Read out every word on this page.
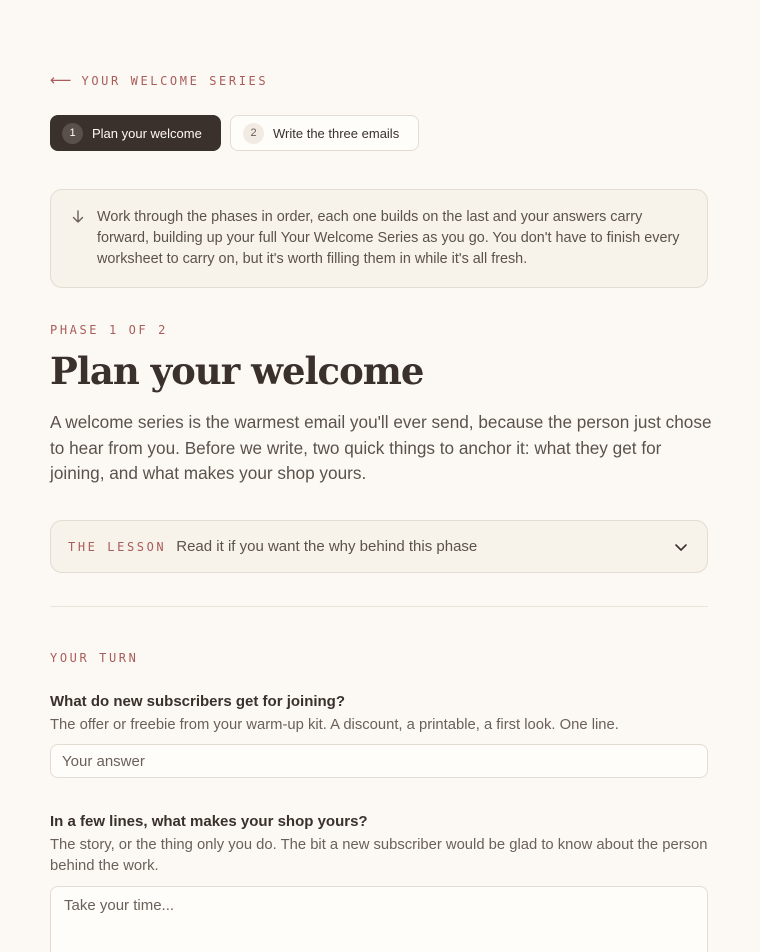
⟵ YOUR WELCOME SERIES
1	Plan your welcome	2	Write the three emails

Work through the phases in order, each one builds on the last and your answers carry forward, building up your full Your Welcome Series as you go. You don't have to finish every worksheet to carry on, but it's worth filling them in while it's all fresh.

PHASE 1 OF 2
Plan your welcome

A welcome series is the warmest email you'll ever send, because the person just chose to hear from you. Before we write, two quick things to anchor it: what they get for joining, and what makes your shop yours.

THE LESSON Read it if you want the why behind this phase
YOUR TURN
What do new subscribers get for joining?

The offer or freebie from your warm-up kit. A discount, a printable, a first look. One line.

Your answer
In a few lines, what makes your shop yours?

The story, or the thing only you do. The bit a new subscriber would be glad to know about the person behind the work.

Take your time...
